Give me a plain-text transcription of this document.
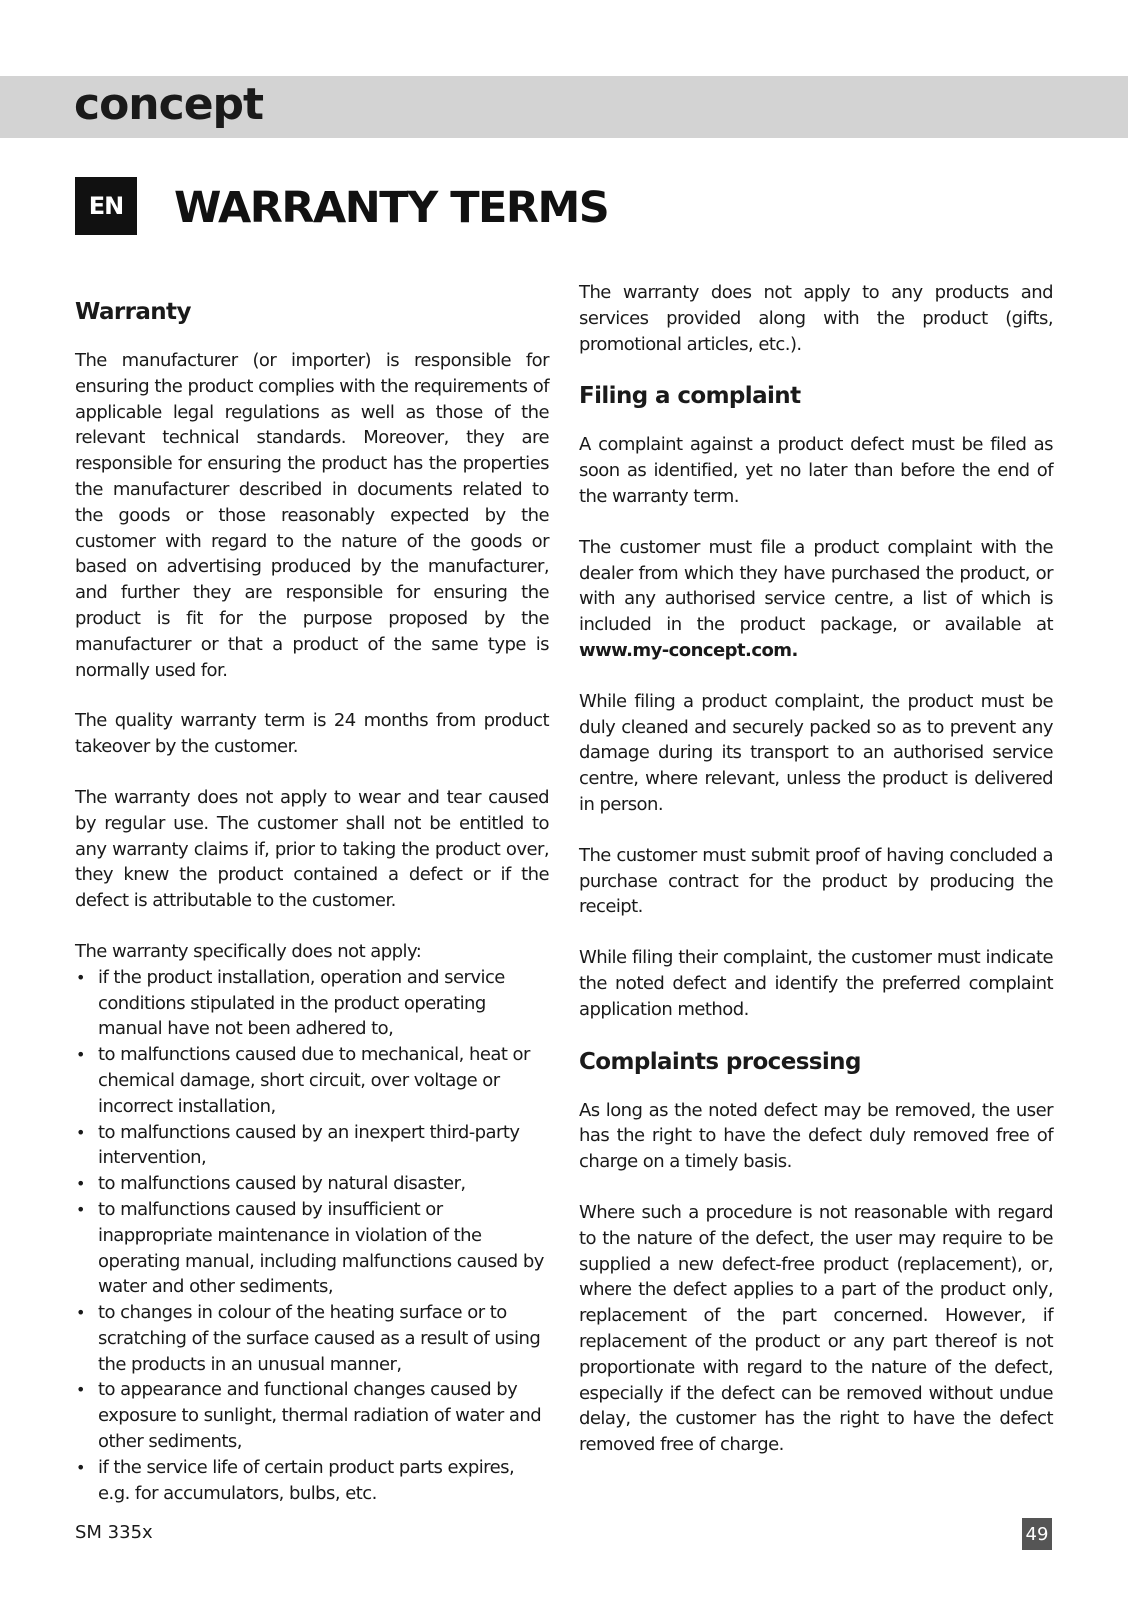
concept
EN	WARRANTY TERMS
Warranty

The manufacturer (or importer) is responsible for ensuring the product complies with the requirements of applicable legal regulations as well as those of the relevant technical standards. Moreover, they are responsible for ensuring the product has the properties the manufacturer described in documents related to the goods or those reasonably expected by the customer with regard to the nature of the goods or based on advertising produced by the manufacturer, and further they are responsible for ensuring the product is fit for the purpose proposed by the manufacturer or that a product of the same type is normally used for.

The quality warranty term is 24 months from product takeover by the customer.

The warranty does not apply to wear and tear caused by regular use. The customer shall not be entitled to any warranty claims if, prior to taking the product over, they knew the product contained a defect or if the defect is attributable to the customer.

The warranty specifically does not apply:

• if the product installation, operation and service conditions stipulated in the product operating manual have not been adhered to,
• to malfunctions caused due to mechanical, heat or chemical damage, short circuit, over voltage or incorrect installation,
• to malfunctions caused by an inexpert third-party intervention,
• to malfunctions caused by natural disaster,
• to malfunctions caused by insufficient or inappropriate maintenance in violation of the operating manual, including malfunctions caused by water and other sediments,
• to changes in colour of the heating surface or to scratching of the surface caused as a result of using the products in an unusual manner,
• to appearance and functional changes caused by exposure to sunlight, thermal radiation of water and other sediments,
• if the service life of certain product parts expires, e.g. for accumulators, bulbs, etc.

The warranty does not apply to any products and services provided along with the product (gifts, promotional articles, etc.).

Filing a complaint

A complaint against a product defect must be filed as soon as identified, yet no later than before the end of the warranty term.

The customer must file a product complaint with the dealer from which they have purchased the product, or with any authorised service centre, a list of which is included in the product package, or available at www.my-concept.com.

While filing a product complaint, the product must be duly cleaned and securely packed so as to prevent any damage during its transport to an authorised service centre, where relevant, unless the product is delivered in person.

The customer must submit proof of having concluded a purchase contract for the product by producing the receipt.

While filing their complaint, the customer must indicate the noted defect and identify the preferred complaint application method.

Complaints processing

As long as the noted defect may be removed, the user has the right to have the defect duly removed free of charge on a timely basis.

Where such a procedure is not reasonable with regard to the nature of the defect, the user may require to be supplied a new defect-free product (replacement), or, where the defect applies to a part of the product only, replacement of the part concerned. However, if replacement of the product or any part thereof is not proportionate with regard to the nature of the defect, especially if the defect can be removed without undue delay, the customer has the right to have the defect removed free of charge.

SM 335x	49
